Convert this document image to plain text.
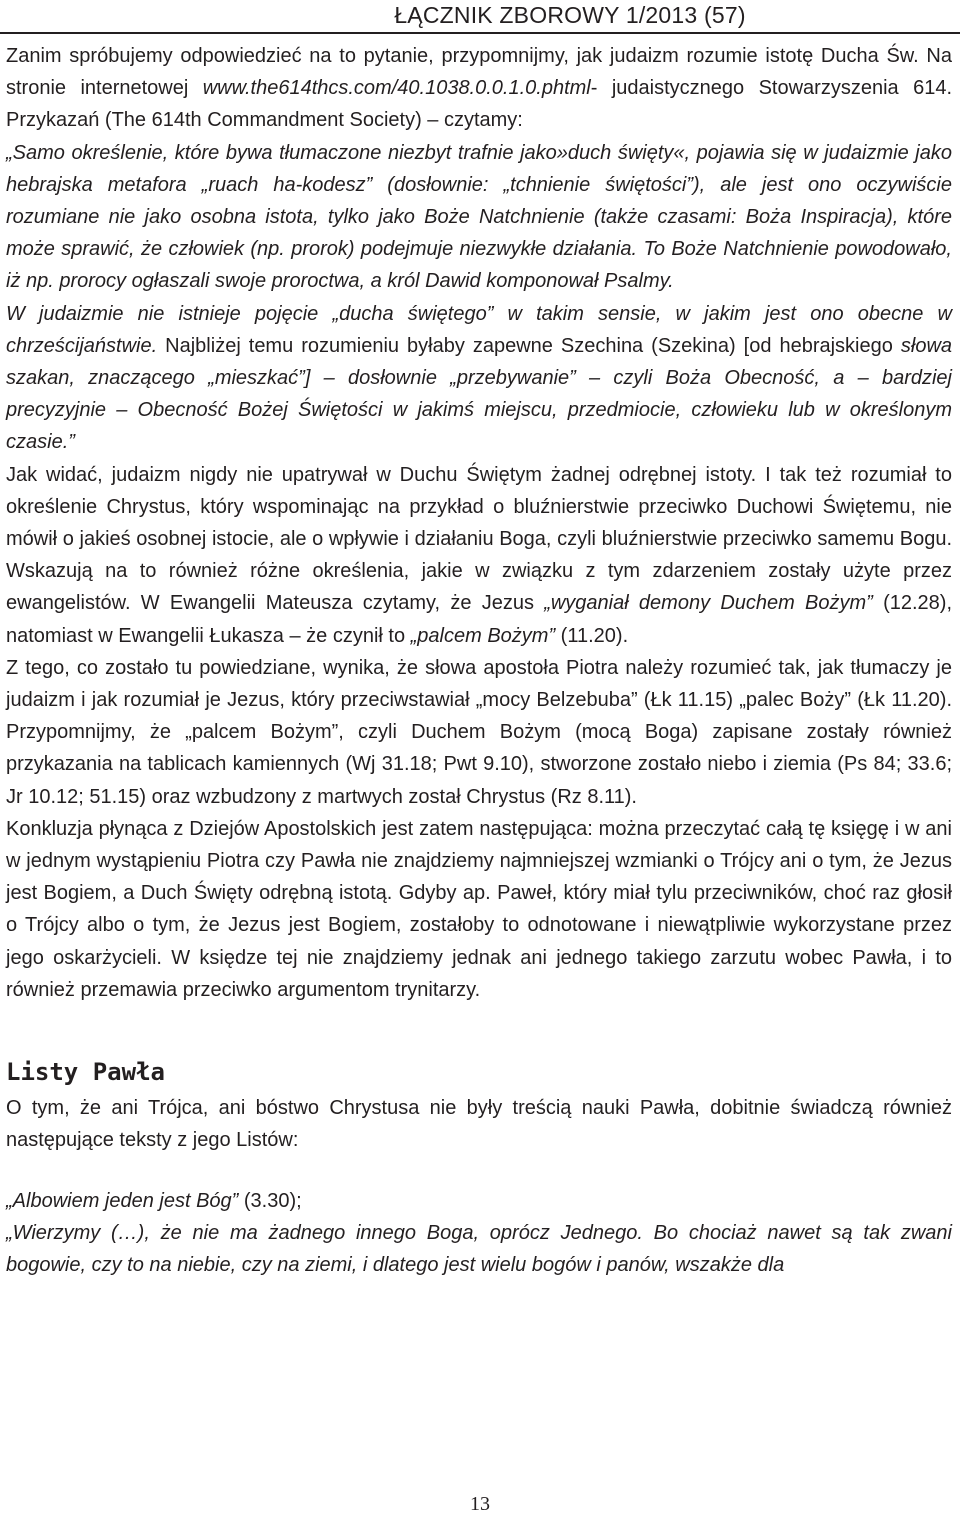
ŁĄCZNIK ZBOROWY 1/2013 (57)

Zanim spróbujemy odpowiedzieć na to pytanie, przypomnijmy, jak judaizm rozumie istotę Ducha Św. Na stronie internetowej www.the614thcs.com/40.1038.0.0.1.0.phtml- judaistycznego Stowarzyszenia 614. Przykazań (The 614th Commandment Society) – czytamy:

„Samo określenie, które bywa tłumaczone niezbyt trafnie jako»duch święty«, pojawia się w judaizmie jako hebrajska metafora „ruach ha-kodesz” (dosłownie: „tchnienie świętości”), ale jest ono oczywiście rozumiane nie jako osobna istota, tylko jako Boże Natchnienie (także czasami: Boża Inspiracja), które może sprawić, że człowiek (np. prorok) podejmuje niezwykłe działania. To Boże Natchnienie powodowało, iż np. prorocy ogłaszali swoje proroctwa, a król Dawid komponował Psalmy.

W judaizmie nie istnieje pojęcie „ducha świętego” w takim sensie, w jakim jest ono obecne w chrześcijaństwie. Najbliżej temu rozumieniu byłaby zapewne Szechina (Szekina) [od hebrajskiego słowa szakan, znaczącego „mieszkać”] – dosłownie „przebywanie” – czyli Boża Obecność, a – bardziej precyzyjnie – Obecność Bożej Świętości w jakimś miejscu, przedmiocie, człowieku lub w określonym czasie.”

Jak widać, judaizm nigdy nie upatrywał w Duchu Świętym żadnej odrębnej istoty. I tak też rozumiał to określenie Chrystus, który wspominając na przykład o bluźnierstwie przeciwko Duchowi Świętemu, nie mówił o jakieś osobnej istocie, ale o wpływie i działaniu Boga, czyli bluźnierstwie przeciwko samemu Bogu. Wskazują na to również różne określenia, jakie w związku z tym zdarzeniem zostały użyte przez ewangelistów. W Ewangelii Mateusza czytamy, że Jezus „wyganiał demony Duchem Bożym” (12.28), natomiast w Ewangelii Łukasza – że czynił to „palcem Bożym” (11.20).

Z tego, co zostało tu powiedziane, wynika, że słowa apostoła Piotra należy rozumieć tak, jak tłumaczy je judaizm i jak rozumiał je Jezus, który przeciwstawiał „mocy Belzebuba” (Łk 11.15) „palec Boży” (Łk 11.20). Przypomnijmy, że „palcem Bożym”, czyli Duchem Bożym (mocą Boga) zapisane zostały również przykazania na tablicach kamiennych (Wj 31.18; Pwt 9.10), stworzone zostało niebo i ziemia (Ps 84; 33.6; Jr 10.12; 51.15) oraz wzbudzony z martwych został Chrystus (Rz 8.11).

Konkluzja płynąca z Dziejów Apostolskich jest zatem następująca: można przeczytać całą tę księgę i w ani w jednym wystąpieniu Piotra czy Pawła nie znajdziemy najmniejszej wzmianki o Trójcy ani o tym, że Jezus jest Bogiem, a Duch Święty odrębną istotą. Gdyby ap. Paweł, który miał tylu przeciwników, choć raz głosił o Trójcy albo o tym, że Jezus jest Bogiem, zostałoby to odnotowane i niewątpliwie wykorzystane przez jego oskarżycieli. W księdze tej nie znajdziemy jednak ani jednego takiego zarzutu wobec Pawła, i to również przemawia przeciwko argumentom trynitarzy.

Listy Pawła

O tym, że ani Trójca, ani bóstwo Chrystusa nie były treścią nauki Pawła, dobitnie świadczą również następujące teksty z jego Listów:

„Albowiem jeden jest Bóg” (3.30);

„Wierzymy (…), że nie ma żadnego innego Boga, oprócz Jednego. Bo chociaż nawet są tak zwani bogowie, czy to na niebie, czy na ziemi, i dlatego jest wielu bogów i panów, wszakże dla

13
